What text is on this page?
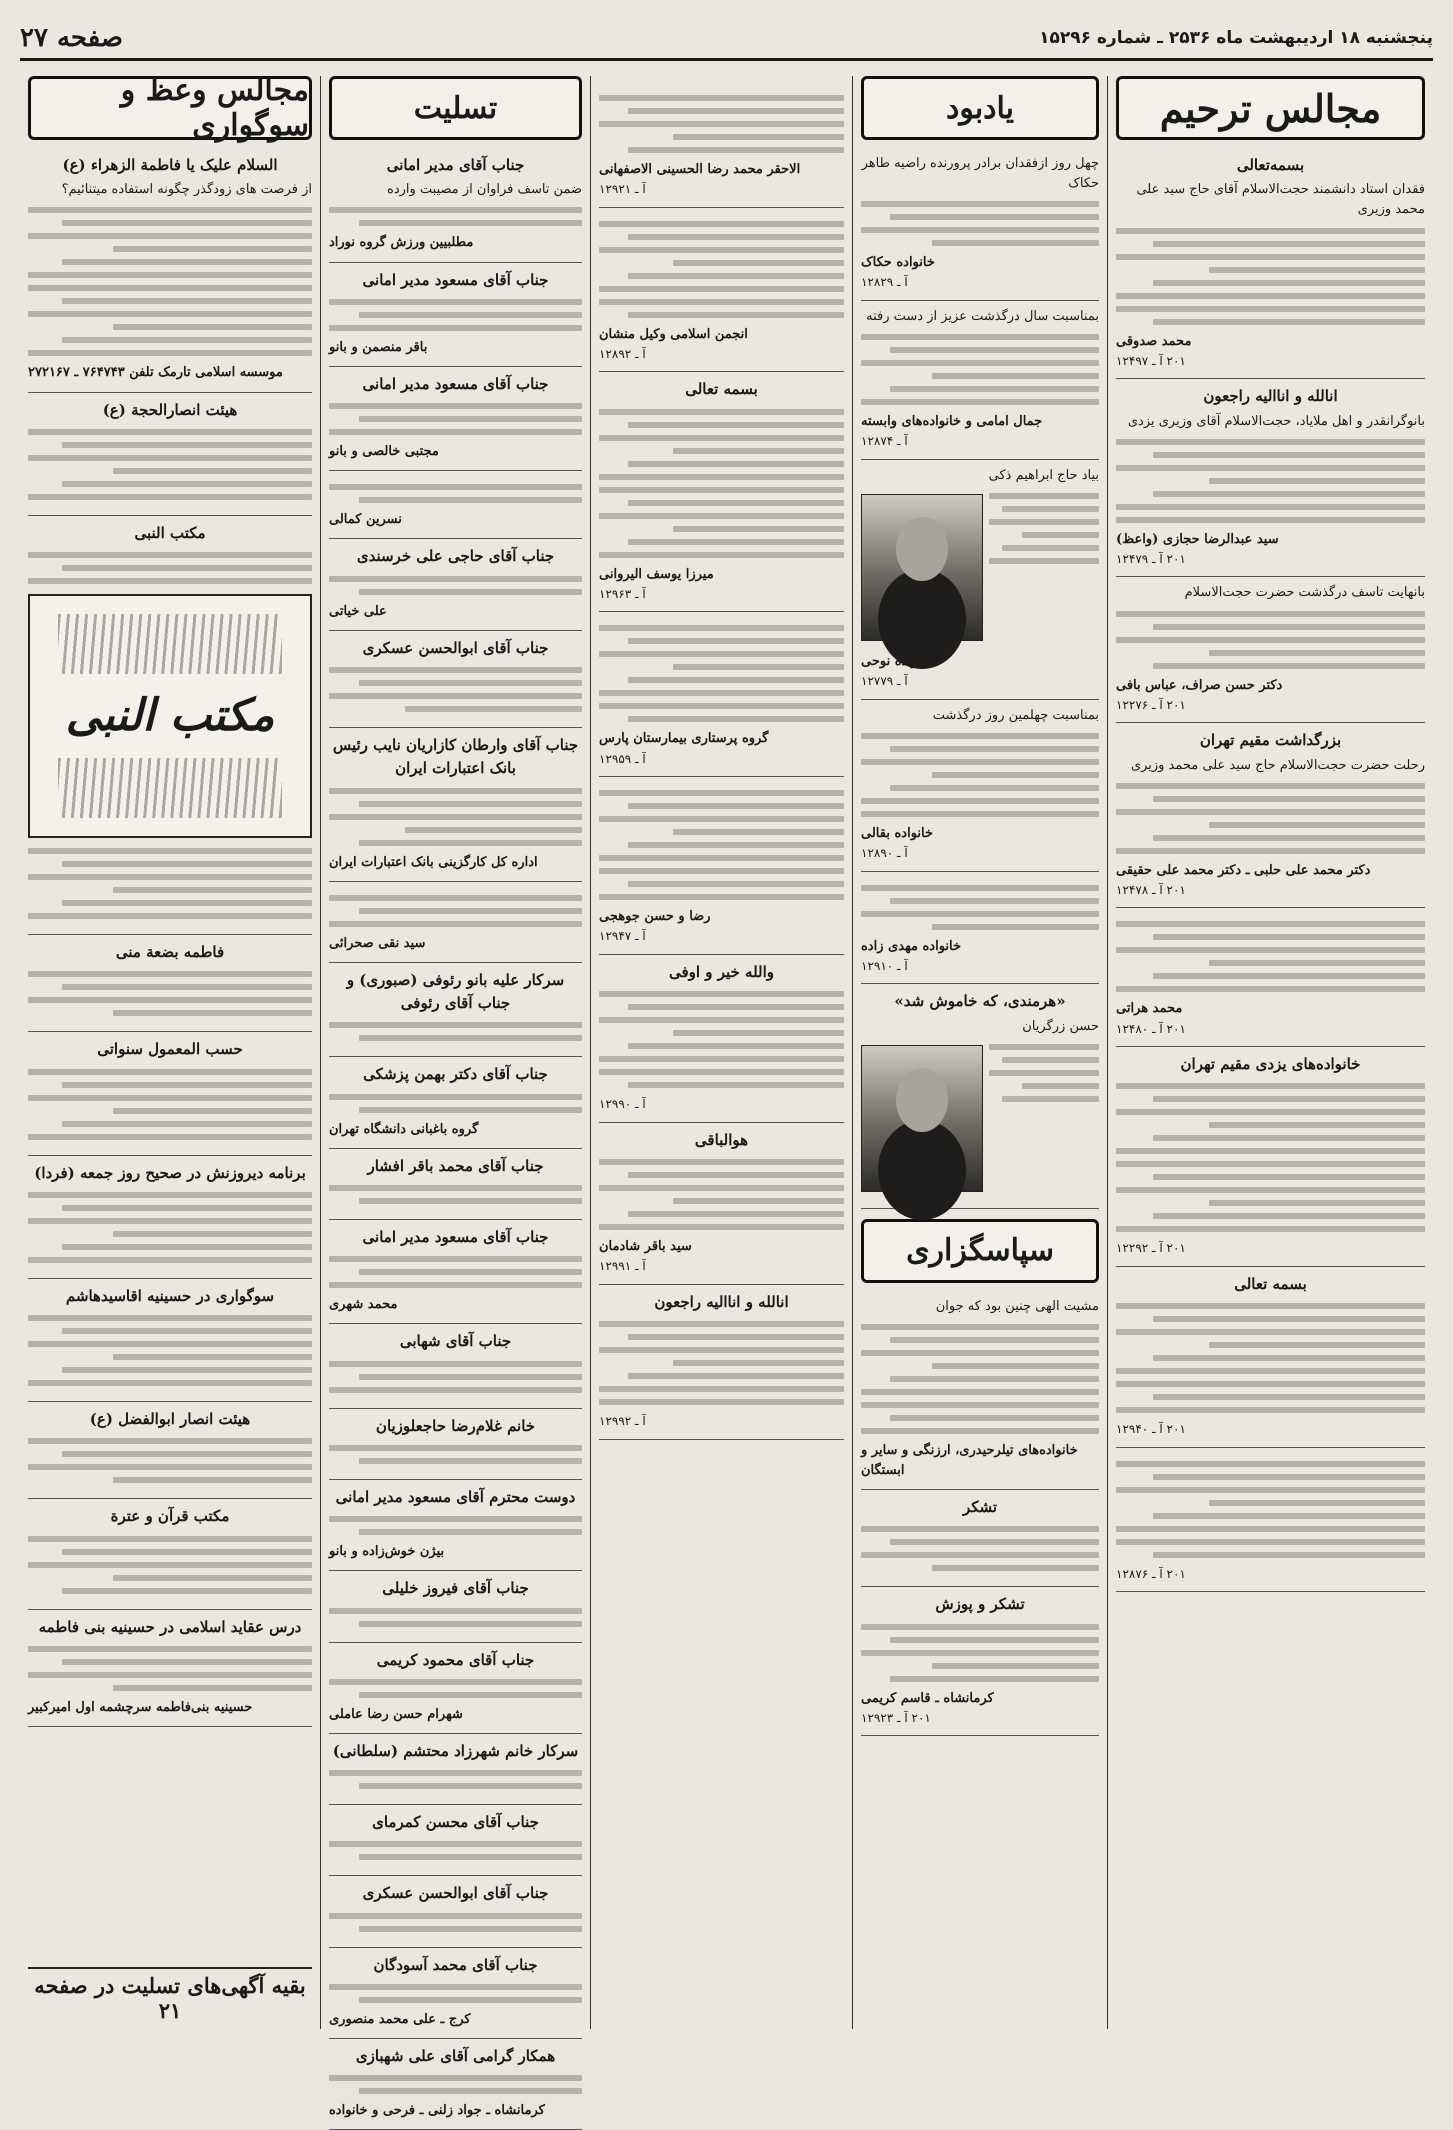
پنجشنبه ۱۸ اردیبهشت ماه ۲۵۳۶ ـ شماره ۱۵۲۹۶
صفحه ۲۷
مجالس ترحیم
بسمه‌تعالی
فقدان استاد دانشمند حجت‌الاسلام آقای حاج سید علی محمد وزیری
محمد صدوقی
۲۰۱ آ ـ ۱۲۴۹۷
انالله و اناالیه راجعون
بانوگرانقدر و اهل ملایاد، حجت‌الاسلام آقای وزیری یزدی
سید عبدالرضا حجازی (واعظ)
۲۰۱ آ ـ ۱۲۴۷۹
بانهایت تاسف درگذشت حضرت حجت‌الاسلام
دکتر حسن صراف، عباس بافی
۲۰۱ آ ـ ۱۲۲۷۶
بزرگداشت مقیم تهران
رحلت حضرت حجت‌الاسلام حاج سید علی محمد وزیری
دکتر محمد علی حلبی ـ دکتر محمد علی حقیقی
۲۰۱ آ ـ ۱۲۴۷۸
محمد هراتی
۲۰۱ آ ـ ۱۲۴۸۰
خانواده‌های یزدی مقیم تهران
۲۰۱ آ ـ ۱۲۲۹۲
بسمه تعالی
۲۰۱ آ ـ ۱۲۹۴۰
۲۰۱ آ ـ ۱۲۸۷۶
یادبود
چهل روز ازفقدان برادر پرورنده راضیه طاهر حکاک
خانواده حکاک
آ ـ ۱۲۸۲۹
بمناسبت سال درگذشت عزیز از دست رفته
جمال امامی و خانواده‌های وابسته
آ ـ ۱۲۸۷۴
بیاد حاج ابراهیم ذکی
خانواده نوحی
آ ـ ۱۲۷۷۹
بمناسبت چهلمین روز درگذشت
خانواده بقالی
آ ـ ۱۲۸۹۰
خانواده مهدی زاده
آ ـ ۱۲۹۱۰
«هرمندی، که خاموش شد»
حسن زرگریان
سپاسگزاری
مشیت الهی چنین بود که جوان
خانواده‌های تیلرحیدری، ارزنگی و سایر و ابستگان
تشکر
تشکر و پوزش
کرمانشاه ـ قاسم کریمی
۲۰۱ آ ـ ۱۲۹۲۳
الاحقر محمد رضا الحسینی الاصفهانی
آ ـ ۱۲۹۲۱
انجمن اسلامی وکیل منشان
آ ـ ۱۲۸۹۲
بسمه تعالی
میرزا یوسف الیروانی
آ ـ ۱۲۹۶۳
گروه پرستاری بیمارستان پارس
آ ـ ۱۲۹۵۹
رضا و حسن جوهجی
آ ـ ۱۲۹۴۷
والله خیر و اوفی
آ ـ ۱۲۹۹۰
هوالباقی
سید باقر شادمان
آ ـ ۱۲۹۹۱
انالله و اناالیه راجعون
آ ـ ۱۲۹۹۲
تسلیت
جناب آقای مدیر امانی
ضمن تاسف فراوان از مصیبت وارده
مطلبیین ورزش گروه نوراد
جناب آقای مسعود مدیر امانی
باقر منصمن و بانو
جناب آقای مسعود مدیر امانی
مجتبی خالصی و بانو
نسرین کمالی
جناب آقای حاجی علی خرسندی
علی خیاتی
جناب آقای ابوالحسن عسکری
جناب آقای وارطان کازاریان نایب رئیس بانک اعتبارات ایران
اداره کل کارگزینی بانک اعتبارات ایران
سید نقی صحرائی
سرکار علیه بانو رئوفی (صبوری) و جناب آقای رئوفی
جناب آقای دکتر بهمن پزشکی
گروه باغبانی دانشگاه تهران
جناب آقای محمد باقر افشار
جناب آقای مسعود مدیر امانی
محمد شهری
جناب آقای شهابی
خانم غلام‌رضا حاجعلوزیان
دوست محترم آقای مسعود مدیر امانی
بیژن خوش‌زاده و بانو
جناب آقای فیروز خلیلی
جناب آقای محمود کریمی
شهرام حسن رضا عاملی
سرکار خانم شهرزاد محتشم (سلطانی)
جناب آقای محسن کمرمای
جناب آقای ابوالحسن عسکری
جناب آقای محمد آسودگان
کرج ـ علی محمد منصوری
همکار گرامی آقای علی شهبازی
کرمانشاه ـ جواد زلنی ـ فرحی و خانواده
مجالس وعظ و سوگواری
السلام علیک یا فاطمة الزهراء (ع)
از فرصت های زودگذر چگونه استفاده میتنائیم؟
موسسه اسلامی تارمک تلفن ۷۶۴۷۴۳ ـ ۲۷۲۱۶۷
هیئت انصارالحجة (ع)
مکتب النبی
مکتب النبی
فاطمه بضعة منی
حسب المعمول سنواتی
برنامه دیروزنش در صحیح روز جمعه (فردا)
سوگواری در حسینیه اقاسیدهاشم
هیئت انصار ابوالفضل (ع)
مکتب قرآن و عترة
درس عقاید اسلامی در حسینیه بنی فاطمه
حسینیه بنی‌فاطمه سرچشمه اول امیرکبیر
بقیه آگهی‌های تسلیت در صفحه ۲۱
